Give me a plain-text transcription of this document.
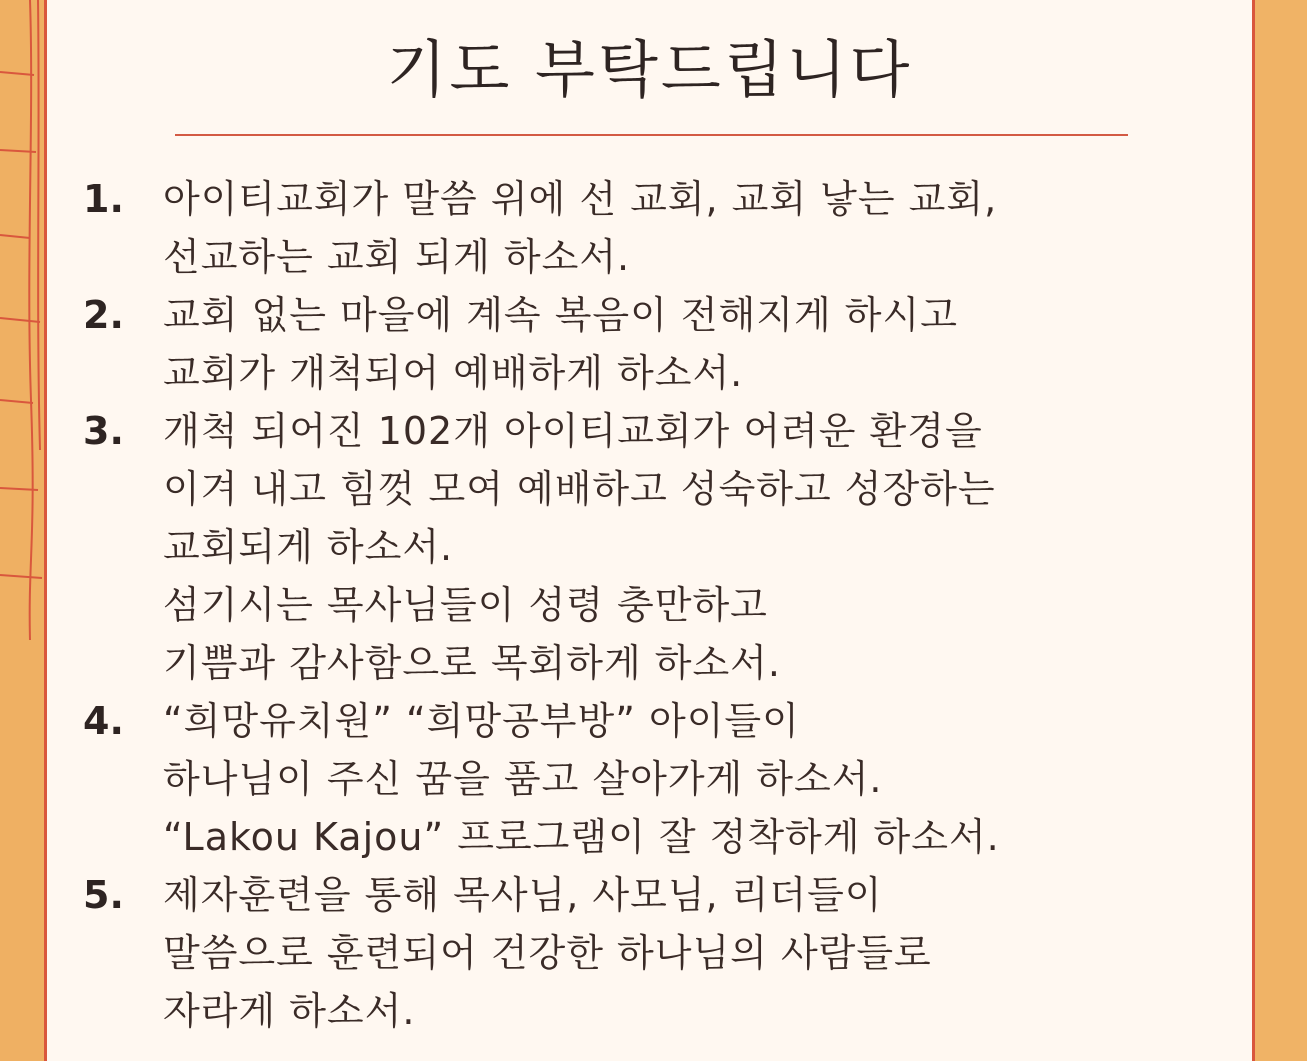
기도 부탁드립니다
1.	아이티교회가 말씀 위에 선 교회, 교회 낳는 교회,
선교하는 교회 되게 하소서.
2.	교회 없는 마을에 계속 복음이 전해지게 하시고
교회가 개척되어 예배하게 하소서.
3.	개척 되어진 102개 아이티교회가 어려운 환경을
이겨 내고 힘껏 모여 예배하고 성숙하고 성장하는
교회되게 하소서.
섬기시는 목사님들이 성령 충만하고
기쁨과 감사함으로 목회하게 하소서.
4.	“희망유치원” “희망공부방” 아이들이
하나님이 주신 꿈을 품고 살아가게 하소서.
“Lakou Kajou” 프로그램이 잘 정착하게 하소서.
5.	제자훈련을 통해 목사님, 사모님, 리더들이
말씀으로 훈련되어 건강한 하나님의 사람들로
자라게 하소서.
